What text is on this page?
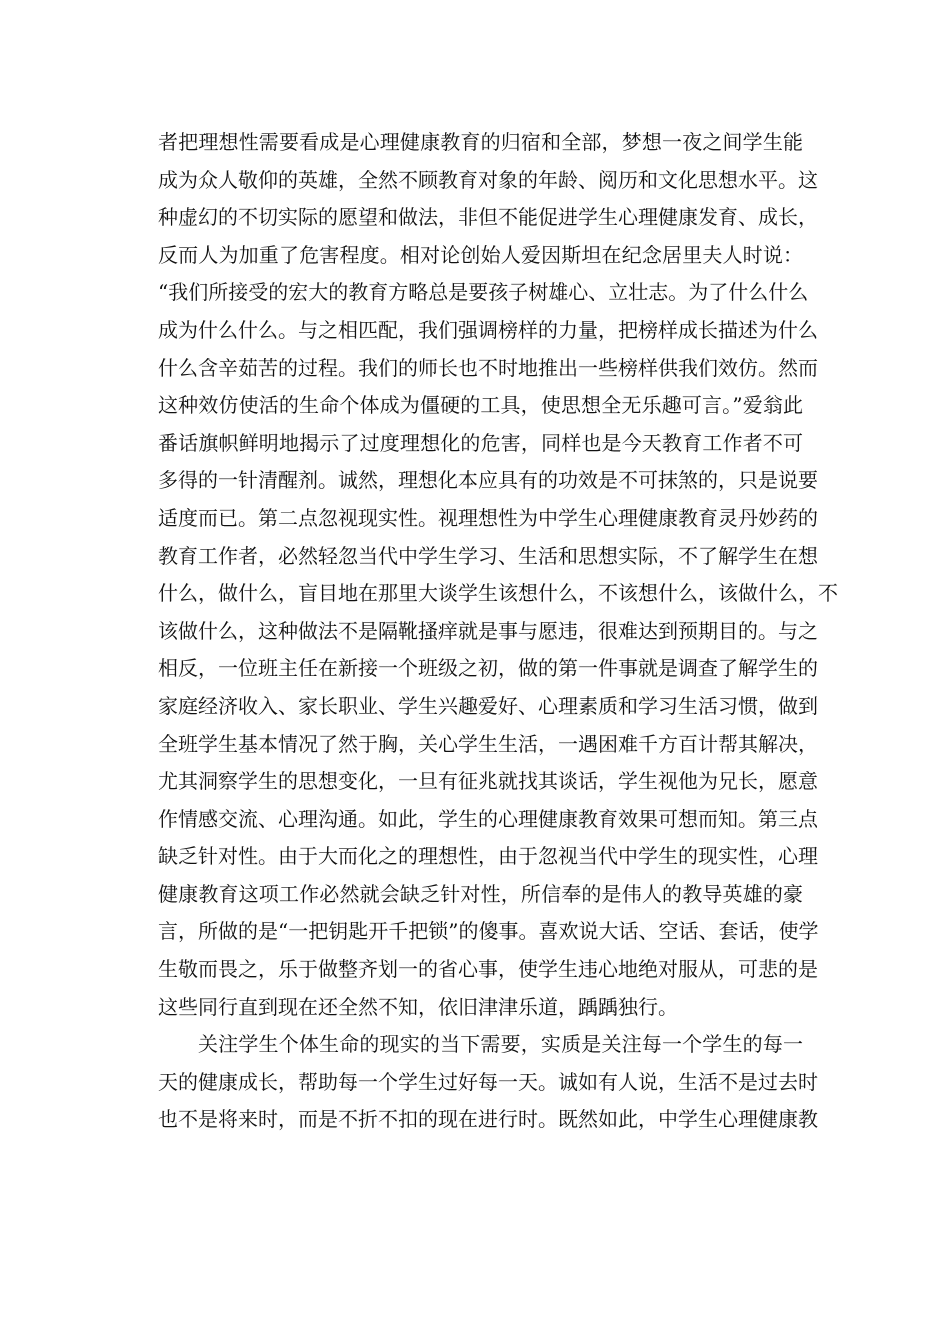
者把理想性需要看成是心理健康教育的归宿和全部，梦想一夜之间学生能
成为众人敬仰的英雄，全然不顾教育对象的年龄、阅历和文化思想水平。这
种虚幻的不切实际的愿望和做法，非但不能促进学生心理健康发育、成长，
反而人为加重了危害程度。相对论创始人爱因斯坦在纪念居里夫人时说：
“我们所接受的宏大的教育方略总是要孩子树雄心、立壮志。为了什么什么
成为什么什么。与之相匹配，我们强调榜样的力量，把榜样成长描述为什么
什么含辛茹苦的过程。我们的师长也不时地推出一些榜样供我们效仿。然而
这种效仿使活的生命个体成为僵硬的工具，使思想全无乐趣可言。”爱翁此
番话旗帜鲜明地揭示了过度理想化的危害，同样也是今天教育工作者不可
多得的一针清醒剂。诚然，理想化本应具有的功效是不可抹煞的，只是说要
适度而已。第二点忽视现实性。视理想性为中学生心理健康教育灵丹妙药的
教育工作者，必然轻忽当代中学生学习、生活和思想实际，不了解学生在想
什么，做什么，盲目地在那里大谈学生该想什么，不该想什么，该做什么，不
该做什么，这种做法不是隔靴搔痒就是事与愿违，很难达到预期目的。与之
相反，一位班主任在新接一个班级之初，做的第一件事就是调查了解学生的
家庭经济收入、家长职业、学生兴趣爱好、心理素质和学习生活习惯，做到
全班学生基本情况了然于胸，关心学生生活，一遇困难千方百计帮其解决，
尤其洞察学生的思想变化，一旦有征兆就找其谈话，学生视他为兄长，愿意
作情感交流、心理沟通。如此，学生的心理健康教育效果可想而知。第三点
缺乏针对性。由于大而化之的理想性，由于忽视当代中学生的现实性，心理
健康教育这项工作必然就会缺乏针对性，所信奉的是伟人的教导英雄的豪
言，所做的是“一把钥匙开千把锁”的傻事。喜欢说大话、空话、套话，使学
生敬而畏之，乐于做整齐划一的省心事，使学生违心地绝对服从，可悲的是
这些同行直到现在还全然不知，依旧津津乐道，踽踽独行。
关注学生个体生命的现实的当下需要，实质是关注每一个学生的每一
天的健康成长，帮助每一个学生过好每一天。诚如有人说，生活不是过去时
也不是将来时，而是不折不扣的现在进行时。既然如此，中学生心理健康教
